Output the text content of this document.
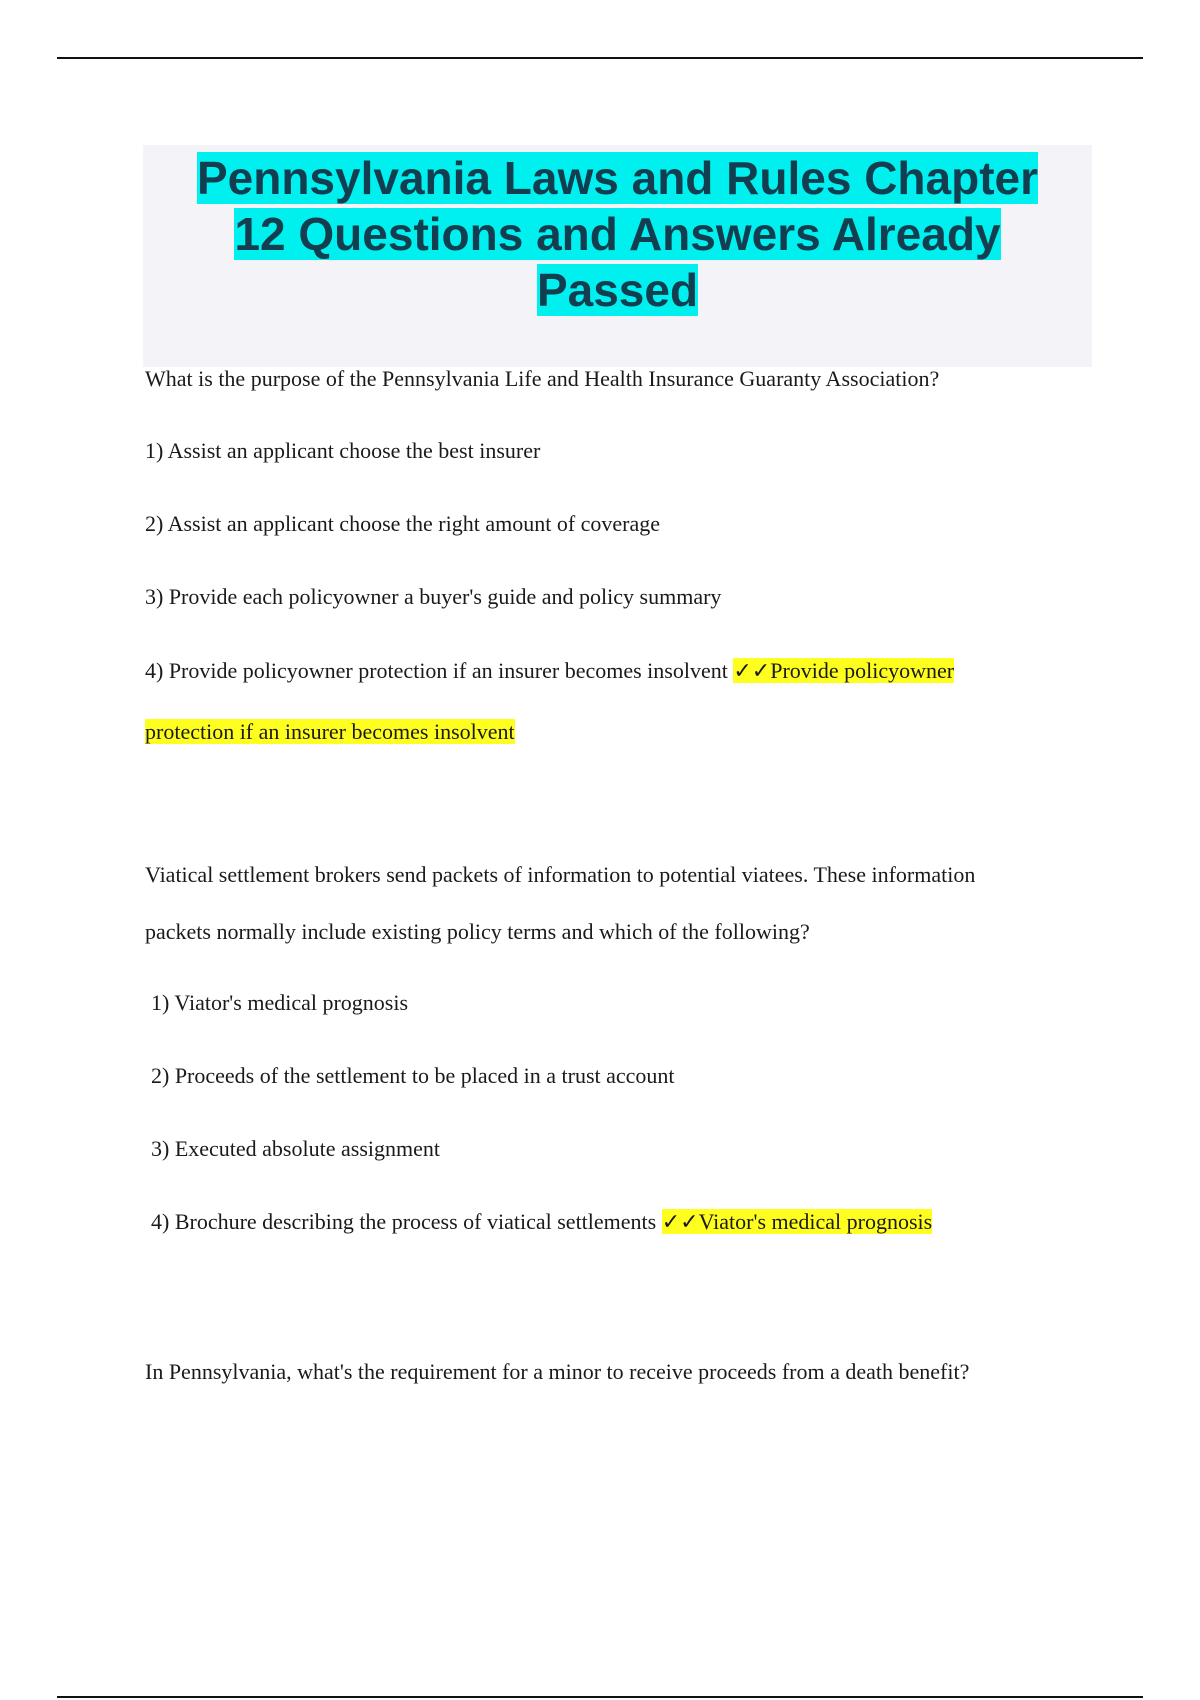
Pennsylvania Laws and Rules Chapter
12 Questions and Answers Already
Passed

What is the purpose of the Pennsylvania Life and Health Insurance Guaranty Association?

1) Assist an applicant choose the best insurer

2) Assist an applicant choose the right amount of coverage

3) Provide each policyowner a buyer's guide and policy summary

4) Provide policyowner protection if an insurer becomes insolvent ✓✓Provide policyowner

protection if an insurer becomes insolvent

Viatical settlement brokers send packets of information to potential viatees. These information

packets normally include existing policy terms and which of the following?

1) Viator's medical prognosis

2) Proceeds of the settlement to be placed in a trust account

3) Executed absolute assignment

4) Brochure describing the process of viatical settlements ✓✓Viator's medical prognosis

In Pennsylvania, what's the requirement for a minor to receive proceeds from a death benefit?
